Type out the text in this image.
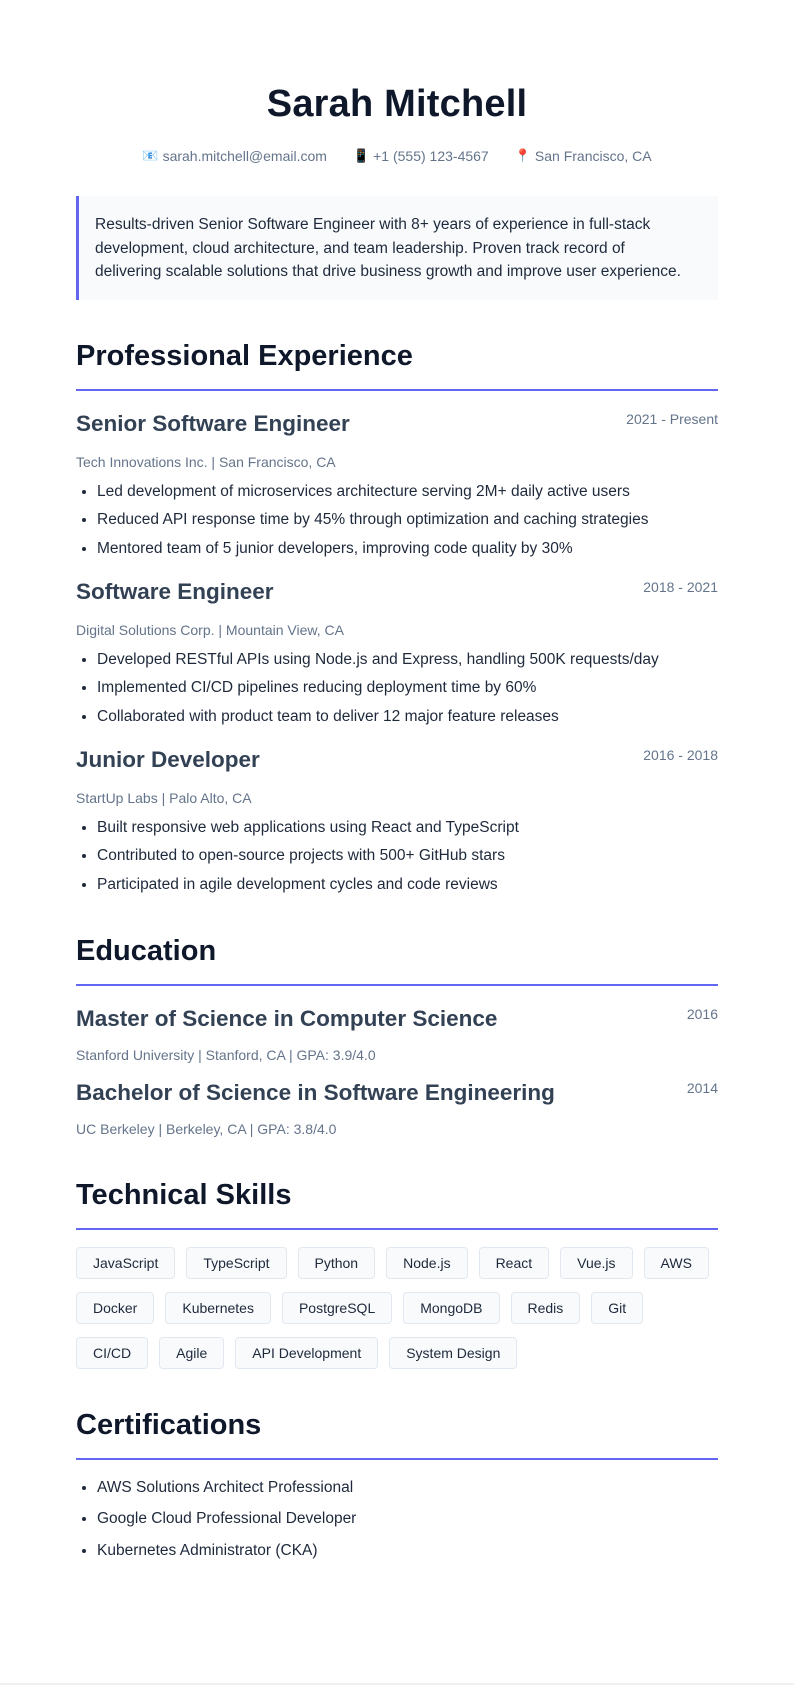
Sarah Mitchell
📧 sarah.mitchell@email.com 📱 +1 (555) 123-4567 📍 San Francisco, CA
Results-driven Senior Software Engineer with 8+ years of experience in full-stack development, cloud architecture, and team leadership. Proven track record of delivering scalable solutions that drive business growth and improve user experience.
Professional Experience
Senior Software Engineer	2021 - Present
Tech Innovations Inc. | San Francisco, CA
• Led development of microservices architecture serving 2M+ daily active users
• Reduced API response time by 45% through optimization and caching strategies
• Mentored team of 5 junior developers, improving code quality by 30%
Software Engineer	2018 - 2021
Digital Solutions Corp. | Mountain View, CA
• Developed RESTful APIs using Node.js and Express, handling 500K requests/day
• Implemented CI/CD pipelines reducing deployment time by 60%
• Collaborated with product team to deliver 12 major feature releases
Junior Developer	2016 - 2018
StartUp Labs | Palo Alto, CA
• Built responsive web applications using React and TypeScript
• Contributed to open-source projects with 500+ GitHub stars
• Participated in agile development cycles and code reviews
Education
Master of Science in Computer Science	2016
Stanford University | Stanford, CA | GPA: 3.9/4.0
Bachelor of Science in Software Engineering	2014
UC Berkeley | Berkeley, CA | GPA: 3.8/4.0
Technical Skills
JavaScript	TypeScript	Python	Node.js	React	Vue.js	AWS
Docker	Kubernetes	PostgreSQL	MongoDB	Redis	Git
CI/CD	Agile	API Development	System Design
Certifications
• AWS Solutions Architect Professional
• Google Cloud Professional Developer
• Kubernetes Administrator (CKA)
